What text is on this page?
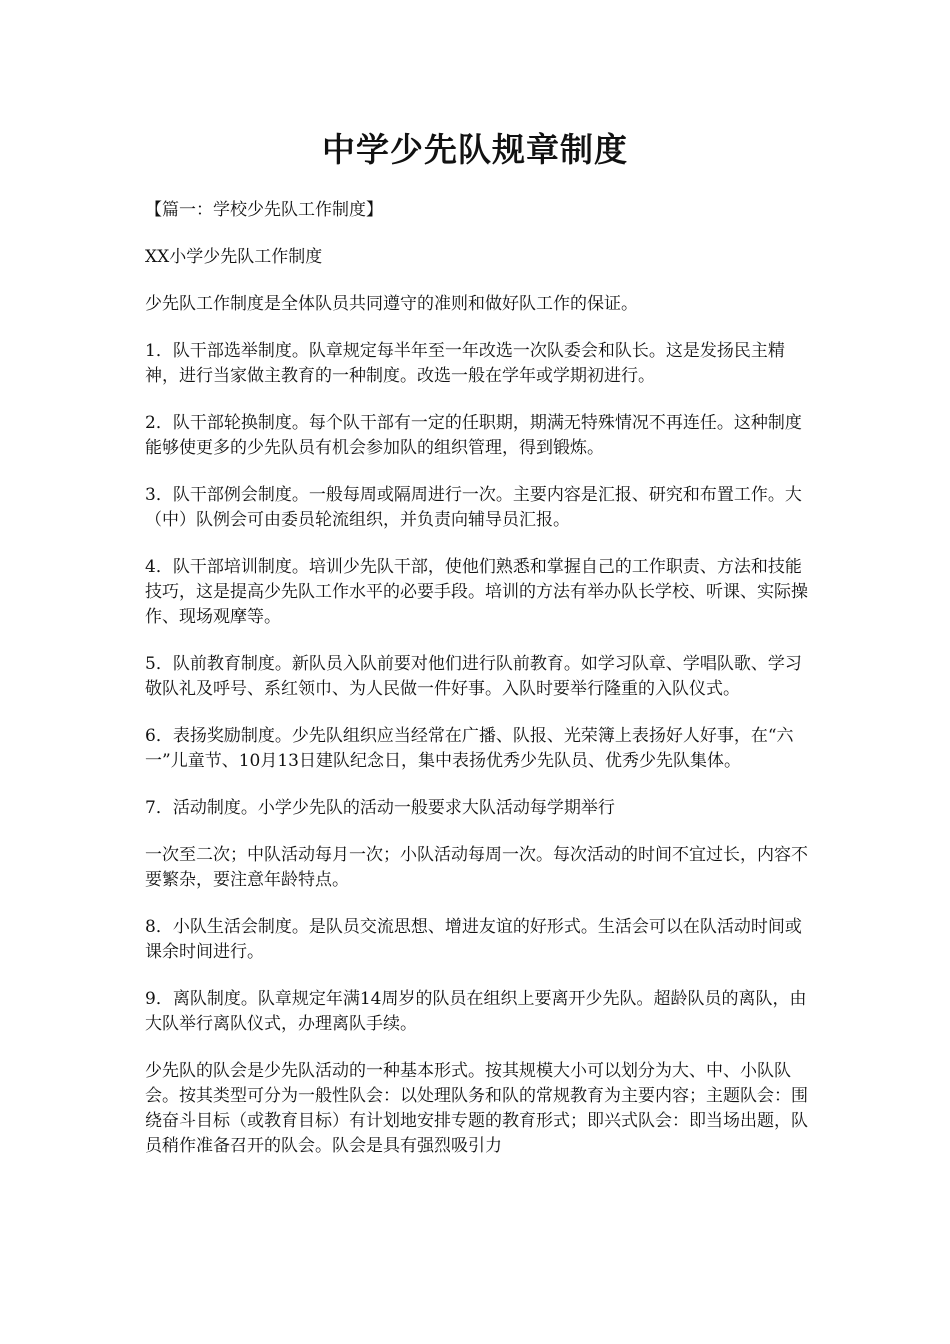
中学少先队规章制度

【篇一：学校少先队工作制度】

XX小学少先队工作制度

少先队工作制度是全体队员共同遵守的准则和做好队工作的保证。

1．队干部选举制度。队章规定每半年至一年改选一次队委会和队长。这是发扬民主精神，进行当家做主教育的一种制度。改选一般在学年或学期初进行。

2．队干部轮换制度。每个队干部有一定的任职期，期满无特殊情况不再连任。这种制度能够使更多的少先队员有机会参加队的组织管理，得到锻炼。

3．队干部例会制度。一般每周或隔周进行一次。主要内容是汇报、研究和布置工作。大（中）队例会可由委员轮流组织，并负责向辅导员汇报。

4．队干部培训制度。培训少先队干部，使他们熟悉和掌握自己的工作职责、方法和技能技巧，这是提高少先队工作水平的必要手段。培训的方法有举办队长学校、听课、实际操作、现场观摩等。

5．队前教育制度。新队员入队前要对他们进行队前教育。如学习队章、学唱队歌、学习敬队礼及呼号、系红领巾、为人民做一件好事。入队时要举行隆重的入队仪式。

6．表扬奖励制度。少先队组织应当经常在广播、队报、光荣簿上表扬好人好事，在“六一”儿童节、10月13日建队纪念日，集中表扬优秀少先队员、优秀少先队集体。

7．活动制度。小学少先队的活动一般要求大队活动每学期举行

一次至二次；中队活动每月一次；小队活动每周一次。每次活动的时间不宜过长，内容不要繁杂，要注意年龄特点。

8．小队生活会制度。是队员交流思想、增进友谊的好形式。生活会可以在队活动时间或课余时间进行。

9．离队制度。队章规定年满14周岁的队员在组织上要离开少先队。超龄队员的离队，由大队举行离队仪式，办理离队手续。

少先队的队会是少先队活动的一种基本形式。按其规模大小可以划分为大、中、小队队会。按其类型可分为一般性队会：以处理队务和队的常规教育为主要内容；主题队会：围绕奋斗目标（或教育目标）有计划地安排专题的教育形式；即兴式队会：即当场出题，队员稍作准备召开的队会。队会是具有强烈吸引力
